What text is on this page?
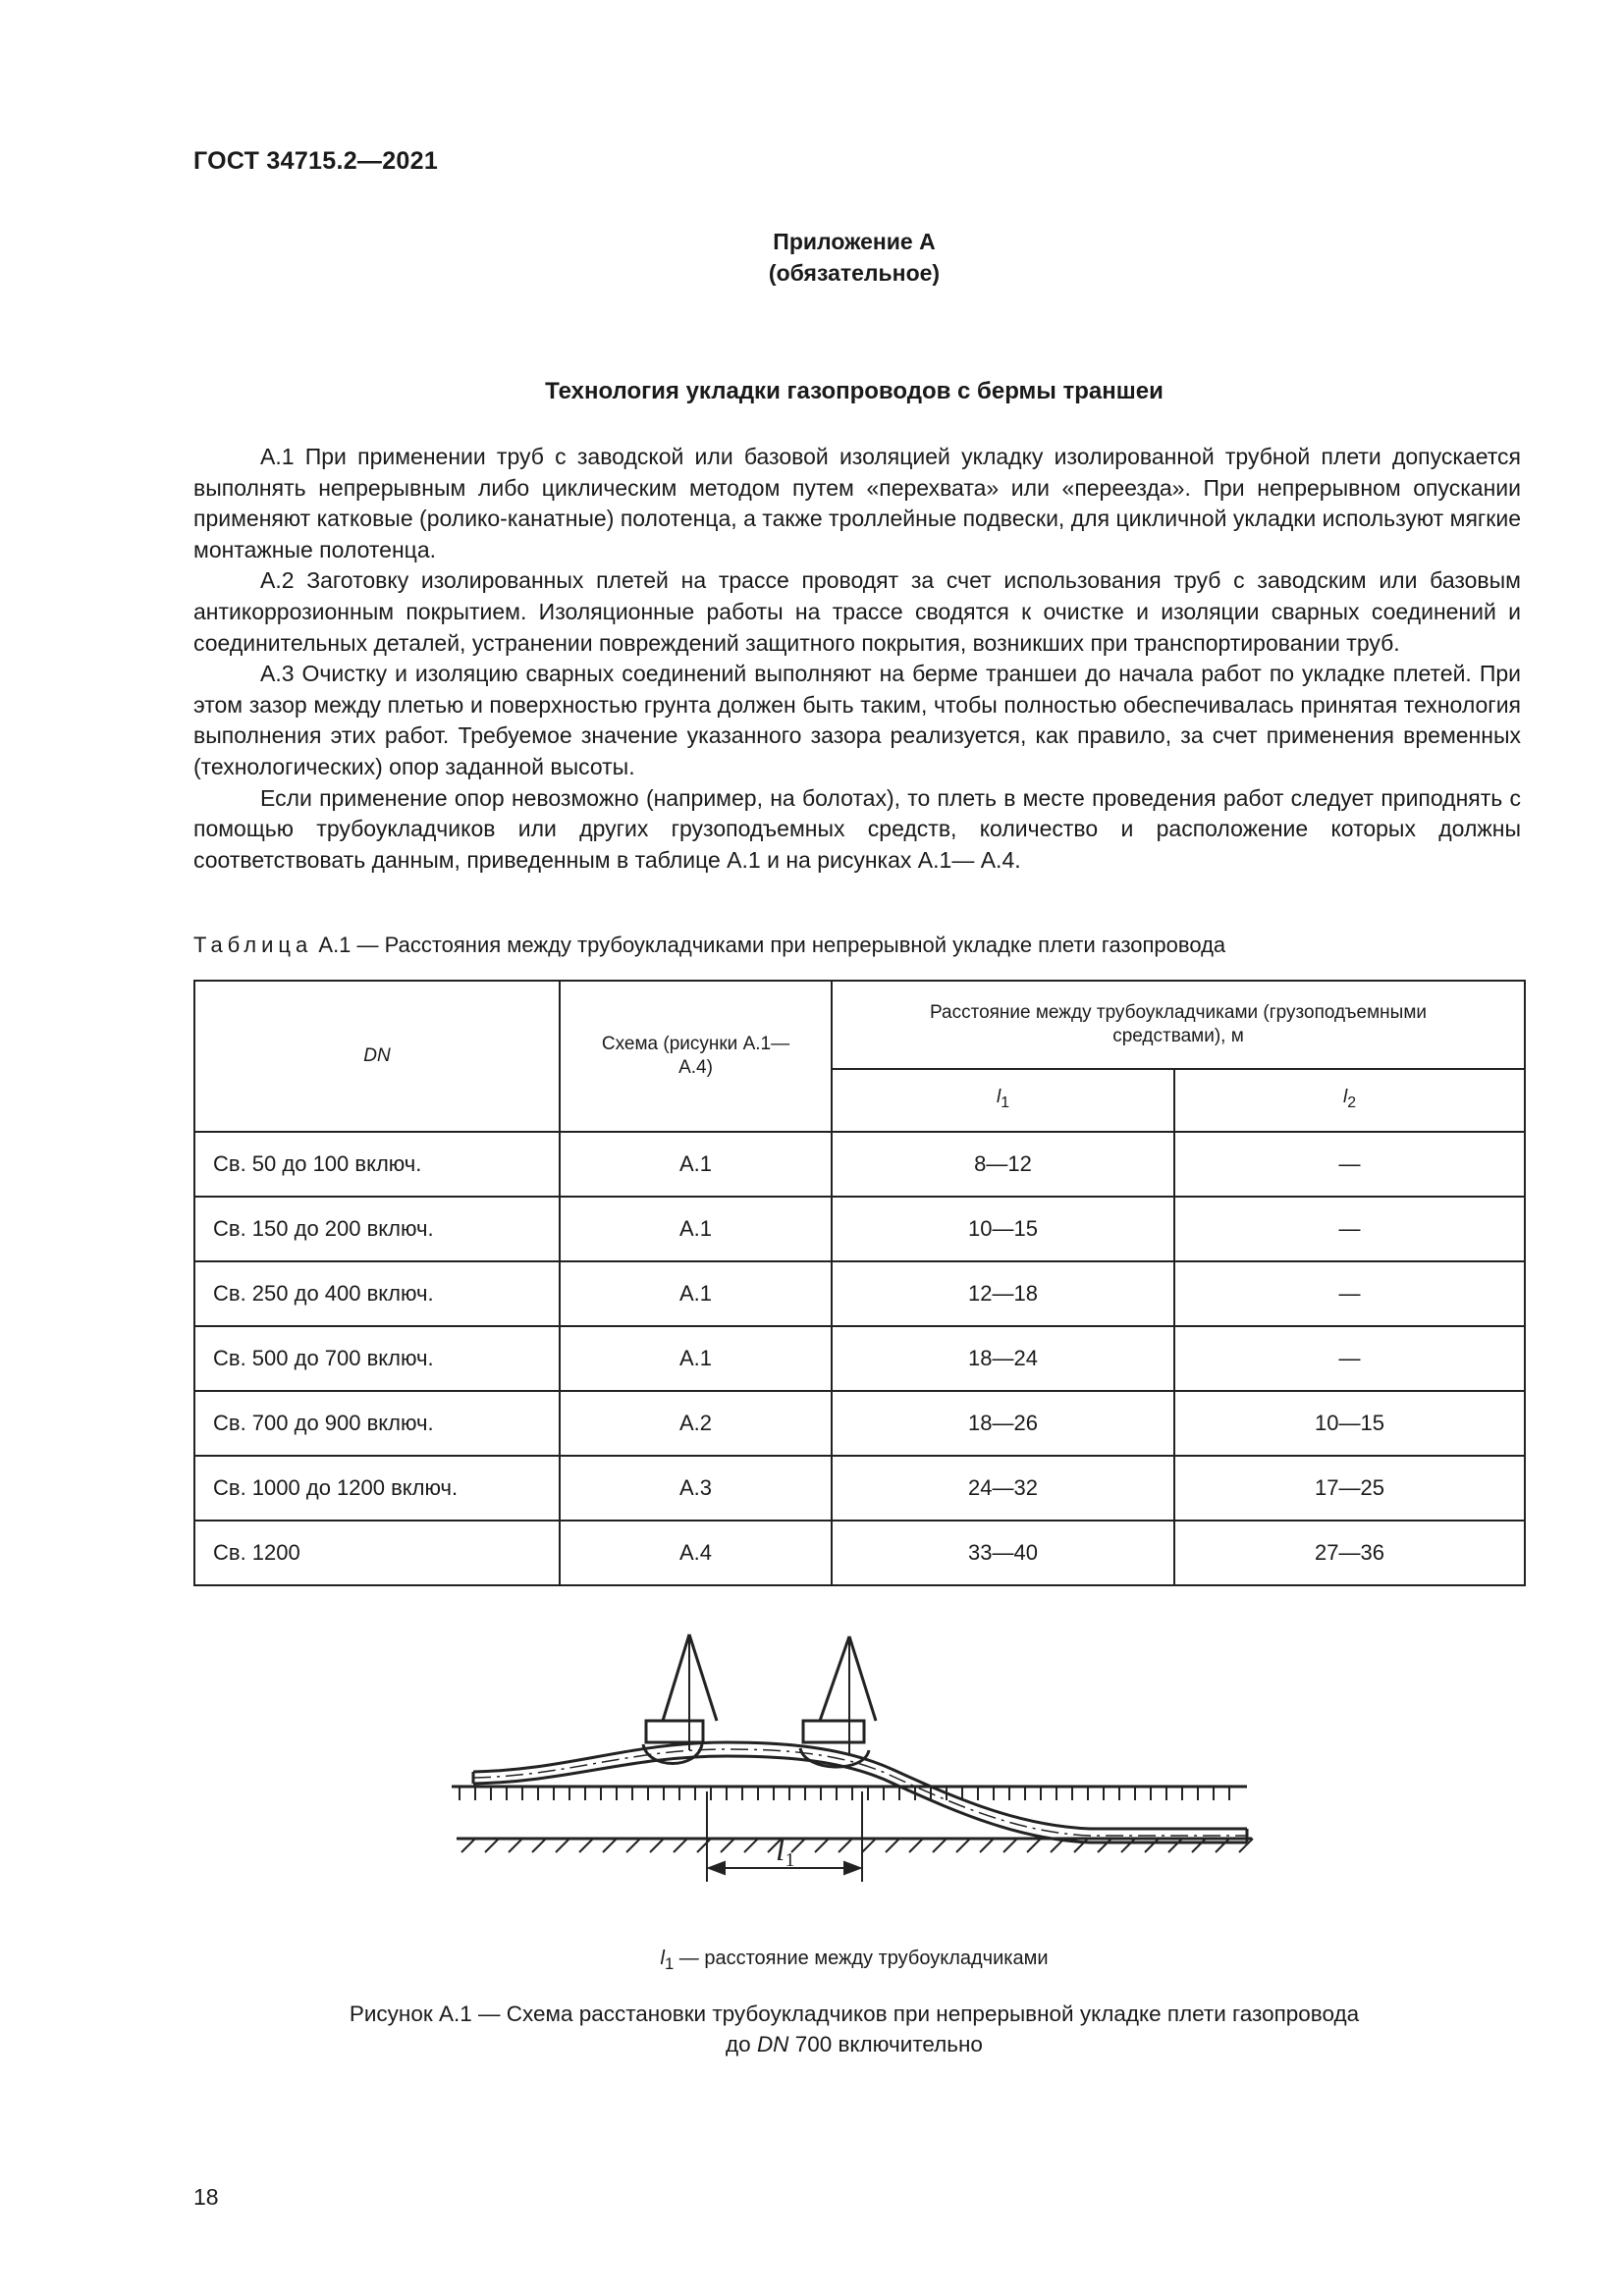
ГОСТ 34715.2—2021
Приложение А
(обязательное)
Технология укладки газопроводов с бермы траншеи

А.1 При применении труб с заводской или базовой изоляцией укладку изолированной трубной плети допускается выполнять непрерывным либо циклическим методом путем «перехвата» или «переезда». При непрерывном опускании применяют катковые (ролико-канатные) полотенца, а также троллейные подвески, для цикличной укладки используют мягкие монтажные полотенца.

А.2 Заготовку изолированных плетей на трассе проводят за счет использования труб с заводским или базовым антикоррозионным покрытием. Изоляционные работы на трассе сводятся к очистке и изоляции сварных соединений и соединительных деталей, устранении повреждений защитного покрытия, возникших при транспортировании труб.

А.3 Очистку и изоляцию сварных соединений выполняют на берме траншеи до начала работ по укладке плетей. При этом зазор между плетью и поверхностью грунта должен быть таким, чтобы полностью обеспечивалась принятая технология выполнения этих работ. Требуемое значение указанного зазора реализуется, как правило, за счет применения временных (технологических) опор заданной высоты.

Если применение опор невозможно (например, на болотах), то плеть в месте проведения работ следует приподнять с помощью трубоукладчиков или других грузоподъемных средств, количество и расположение которых должны соответствовать данным, приведенным в таблице А.1 и на рисунках А.1— А.4.

Таблица А.1 — Расстояния между трубоукладчиками при непрерывной укладке плети газопровода
DN	Схема (рисунки А.1—А.4)	Расстояние между трубоукладчиками (грузоподъемными средствами), м	
		$l_1$	$l_2$
Св. 50 до 100 включ.	А.1	8—12	—
Св. 150 до 200 включ.	А.1	10—15	—
Св. 250 до 400 включ.	А.1	12—18	—
Св. 500 до 700 включ.	А.1	18—24	—
Св. 700 до 900 включ.	А.2	18—26	10—15
Св. 1000 до 1200 включ.	А.3	24—32	17—25
Св. 1200	А.4	33—40	27—36
l1
$l_1$ — расстояние между трубоукладчиками
Рисунок А.1 — Схема расстановки трубоукладчиков при непрерывной укладке плети газопровода
до DN 700 включительно
18
